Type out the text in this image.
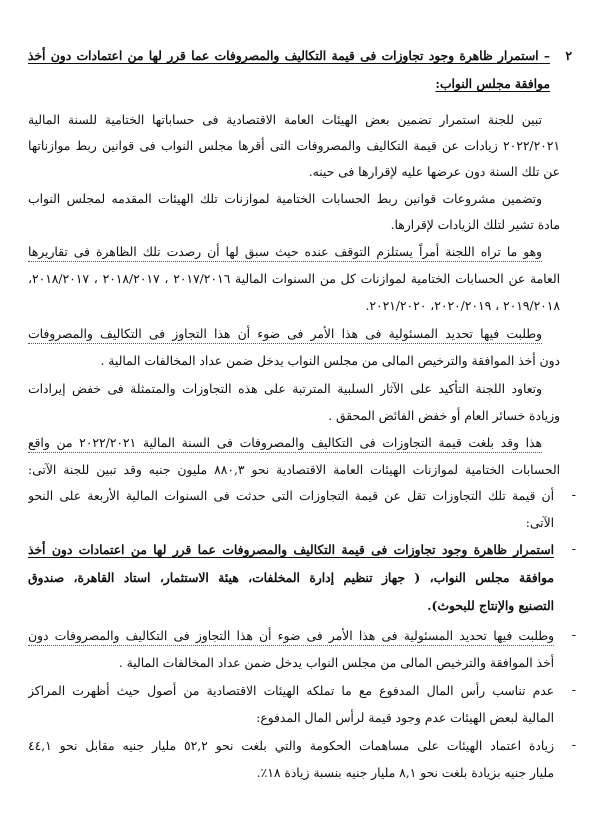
٢
– استمرار ظاهرة وجود تجاوزات فى قيمة التكاليف والمصروفات عما قرر لها من اعتمادات دون أخذ
موافقة مجلس النواب:
تبين للجنة استمرار تضمين بعض الهيئات العامة الاقتصادية فى حساباتها الختامية للسنة المالية
٢٠٢٢/٢٠٢١ زيادات عن قيمة التكاليف والمصروفات التى أقرها مجلس النواب فى قوانين ربط موازناتها
عن تلك السنة دون عرضها عليه لإقرارها فى حينه.
وتضمين مشروعات قوانين ربط الحسابات الختامية لموازنات تلك الهيئات المقدمه لمجلس النواب
مادة تشير لتلك الزيادات لإقرارها.
وهو ما تراه اللجنة أمراً يستلزم التوقف عنده حيث سبق لها أن رصدت تلك الظاهرة فى تقاريرها
العامة عن الحسابات الختامية لموازنات كل من السنوات المالية ٢٠١٧/٢٠١٦ ، ٢٠١٨/٢٠١٧ ، ٢٠١٨/٢٠١٧،
٢٠١٩/٢٠١٨ ، ٢٠٢٠/٢٠١٩، ٢٠٢١/٢٠٢٠.
وطلبت فيها تحديد المسئولية فى هذا الأمر فى ضوء أن هذا التجاوز فى التكاليف والمصروفات
دون أخذ الموافقة والترخيص المالى من مجلس النواب يدخل ضمن عداد المخالفات المالية .
وتعاود اللجنة التأكيد على الآثار السلبية المترتبة على هذه التجاوزات والمتمثلة فى خفض إيرادات
وزيادة خسائر العام أو خفض الفائض المحقق .
هذا وقد بلغت قيمة التجاوزات فى التكاليف والمصروفات فى السنة المالية ٢٠٢٢/٢٠٢١ من واقع
الحسابات الختامية لموازنات الهيئات العامة الاقتصادية نحو ٨٨٠,٣ مليون جنيه وقد تبين للجنة الآتى:
-
أن قيمة تلك التجاوزات تقل عن قيمة التجاوزات التى حدثت فى السنوات المالية الأربعة على النحو
الآتى:
-
استمرار ظاهرة وجود تجاوزات فى قيمة التكاليف والمصروفات عما قرر لها من اعتمادات دون أخذ
موافقة مجلس النواب، ( جهاز تنظيم إدارة المخلفات، هيئة الاستثمار، استاد القاهرة، صندوق
التصنيع والإنتاج للبحوث).
-
وطلبت فيها تحديد المسئولية فى هذا الأمر فى ضوء أن هذا التجاوز فى التكاليف والمصروفات دون
أخذ الموافقة والترخيص المالى من مجلس النواب يدخل ضمن عداد المخالفات المالية .
-
عدم تناسب رأس المال المدفوع مع ما تملكه الهيئات الاقتصادية من أصول حيث أظهرت المراكز
المالية لبعض الهيئات عدم وجود قيمة لرأس المال المدفوع:
-
زيادة اعتماد الهيئات على مساهمات الحكومة والتي بلغت نحو ٥٢,٢ مليار جنيه مقابل نحو ٤٤,١
مليار جنيه بزيادة بلغت نحو ٨,١ مليار جنيه بنسبة زيادة ١٨٪.
